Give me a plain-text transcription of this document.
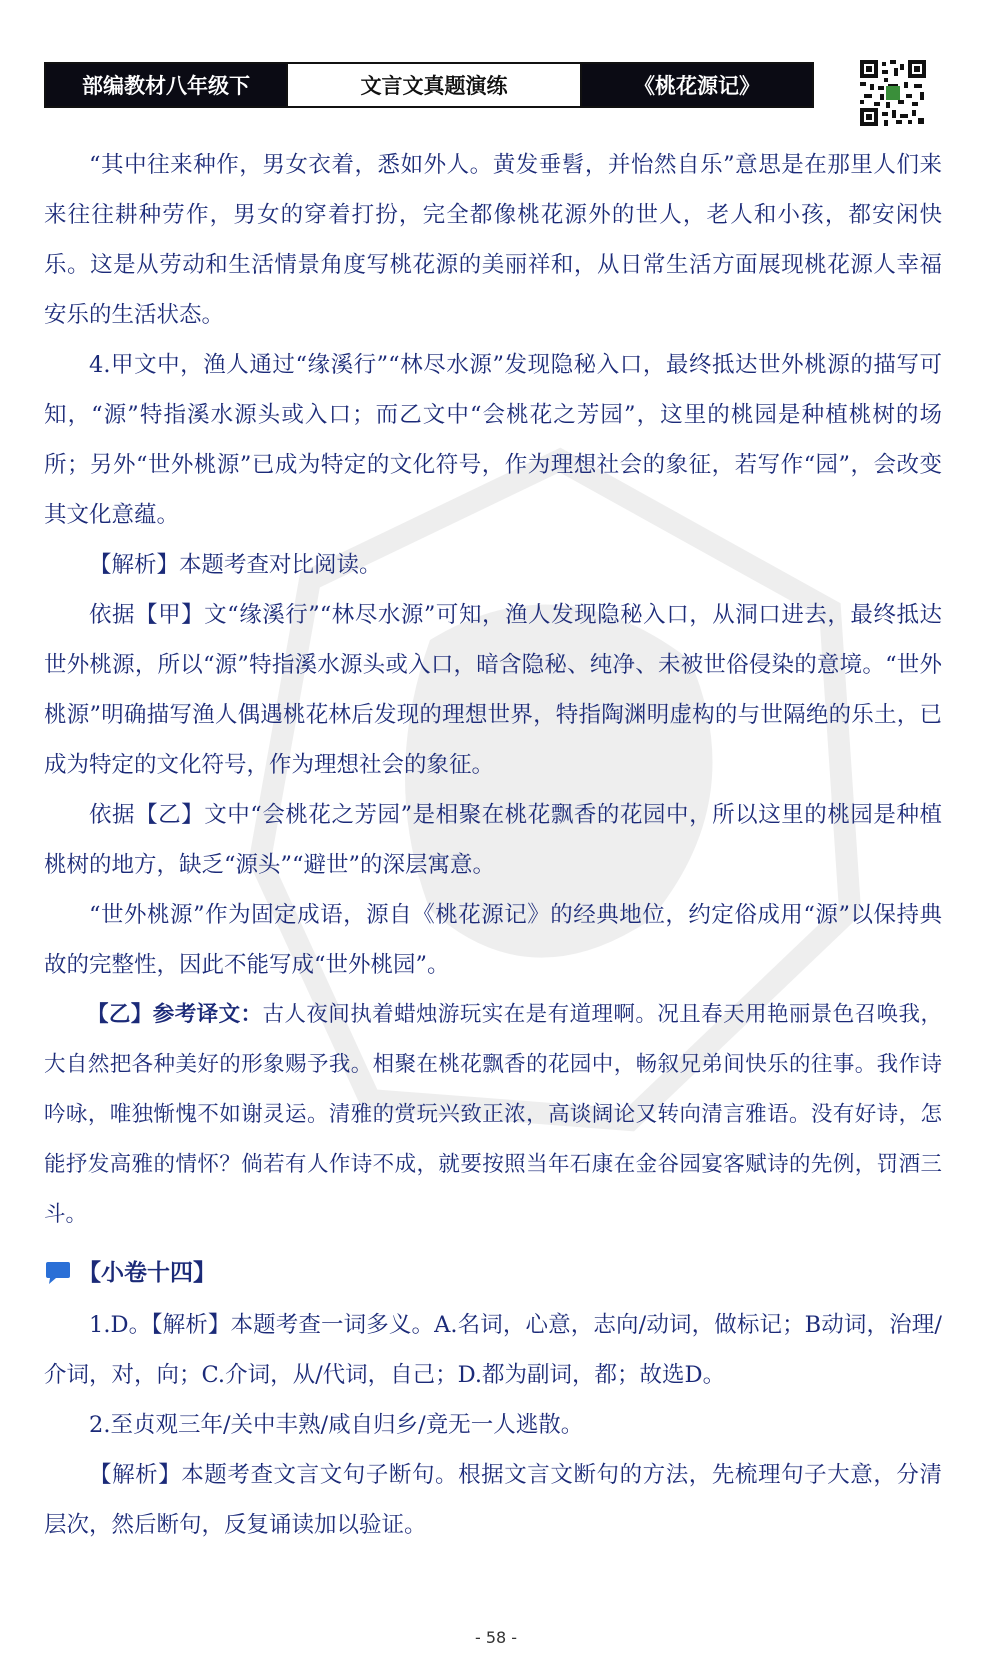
部编教材八年级下	文言文真题演练	《桃花源记》

“其中往来种作，男女衣着，悉如外人。黄发垂髫，并怡然自乐”意思是在那里人们来来往往耕种劳作，男女的穿着打扮，完全都像桃花源外的世人，老人和小孩，都安闲快乐。这是从劳动和生活情景角度写桃花源的美丽祥和，从日常生活方面展现桃花源人幸福安乐的生活状态。

4.甲文中，渔人通过“缘溪行”“林尽水源”发现隐秘入口，最终抵达世外桃源的描写可知，“源”特指溪水源头或入口；而乙文中“会桃花之芳园”，这里的桃园是种植桃树的场所；另外“世外桃源”已成为特定的文化符号，作为理想社会的象征，若写作“园”，会改变其文化意蕴。

【解析】本题考查对比阅读。

依据【甲】文“缘溪行”“林尽水源”可知，渔人发现隐秘入口，从洞口进去，最终抵达世外桃源，所以“源”特指溪水源头或入口，暗含隐秘、纯净、未被世俗侵染的意境。“世外桃源”明确描写渔人偶遇桃花林后发现的理想世界，特指陶渊明虚构的与世隔绝的乐土，已成为特定的文化符号，作为理想社会的象征。

依据【乙】文中“会桃花之芳园”是相聚在桃花飘香的花园中，所以这里的桃园是种植桃树的地方，缺乏“源头”“避世”的深层寓意。

“世外桃源”作为固定成语，源自《桃花源记》的经典地位，约定俗成用“源”以保持典故的完整性，因此不能写成“世外桃园”。

【乙】参考译文：古人夜间执着蜡烛游玩实在是有道理啊。况且春天用艳丽景色召唤我，大自然把各种美好的形象赐予我。相聚在桃花飘香的花园中，畅叙兄弟间快乐的往事。我作诗吟咏，唯独惭愧不如谢灵运。清雅的赏玩兴致正浓，高谈阔论又转向清言雅语。没有好诗，怎能抒发高雅的情怀？倘若有人作诗不成，就要按照当年石康在金谷园宴客赋诗的先例，罚酒三斗。

【小卷十四】

1.D。【解析】本题考查一词多义。A.名词，心意，志向/动词，做标记；B动词，治理/介词，对，向；C.介词，从/代词，自己；D.都为副词，都；故选D。

2.至贞观三年/关中丰熟/咸自归乡/竟无一人逃散。

【解析】本题考查文言文句子断句。根据文言文断句的方法，先梳理句子大意，分清层次，然后断句，反复诵读加以验证。

- 58 -
